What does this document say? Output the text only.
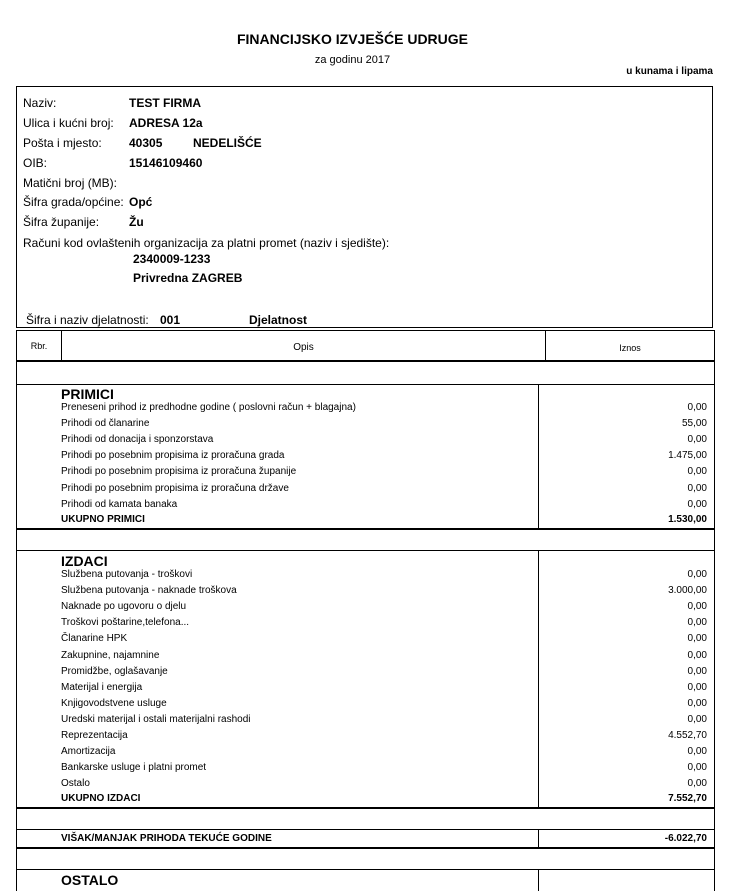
FINANCIJSKO IZVJEŠĆE UDRUGE
za godinu 2017
u kunama i lipama
Naziv:	TEST FIRMA
Ulica i kućni broj: ADRESA 12a
Pošta i mjesto: 40305	NEDELIŠĆE
OIB:	15146109460
Matični broj (MB):
Šifra grada/općine: Opć
Šifra županije: Žu
Računi kod ovlaštenih organizacija za platni promet (naziv i sjedište):
2340009-1233
Privredna ZAGREB
Šifra i naziv djelatnosti: 001	Djelatnost
Rbr.	Opis	Iznos
PRIMICI
Preneseni prihod iz predhodne godine ( poslovni račun + blagajna)	0,00
Prihodi od članarine	55,00
Prihodi od donacija i sponzorstava	0,00
Prihodi po posebnim propisima iz proračuna grada	1.475,00
Prihodi po posebnim propisima iz proračuna županije	0,00
Prihodi po posebnim propisima iz proračuna države	0,00
Prihodi od kamata banaka	0,00
UKUPNO PRIMICI	1.530,00
IZDACI
Službena putovanja - troškovi	0,00
Službena putovanja - naknade troškova	3.000,00
Naknade po ugovoru o djelu	0,00
Troškovi poštarine,telefona...	0,00
Članarine HPK	0,00
Zakupnine, najamnine	0,00
Promidžbe, oglašavanje	0,00
Materijal i energija	0,00
Knjigovodstvene usluge	0,00
Uredski materijal i ostali materijalni rashodi	0,00
Reprezentacija	4.552,70
Amortizacija	0,00
Bankarske usluge i platni promet	0,00
Ostalo	0,00
UKUPNO IZDACI	7.552,70
VIŠAK/MANJAK PRIHODA TEKUĆE GODINE	-6.022,70
OSTALO
